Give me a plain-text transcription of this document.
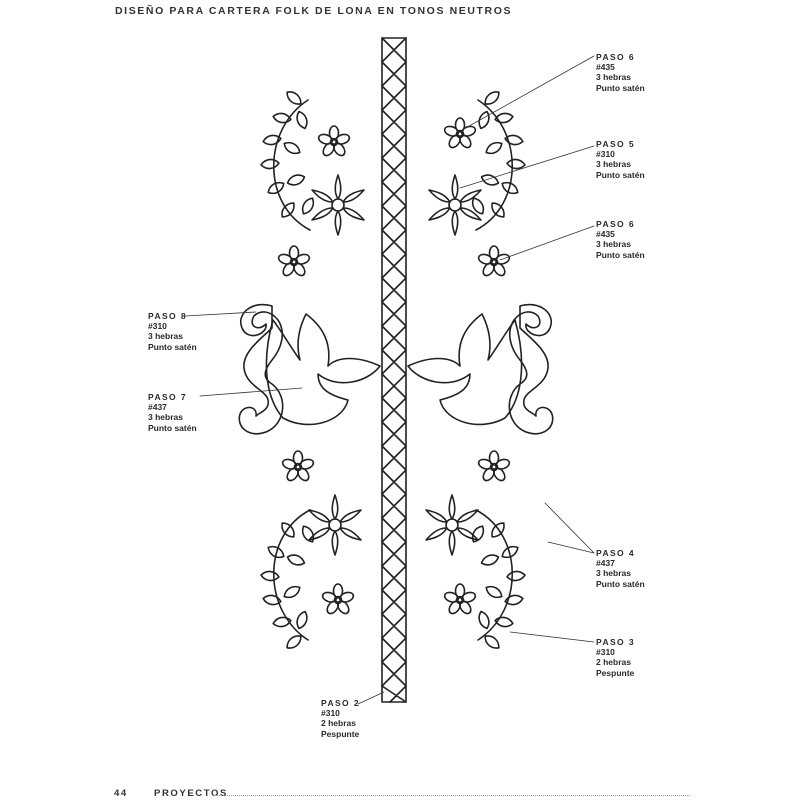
DISEÑO PARA CARTERA FOLK DE LONA EN TONOS NEUTROS
PASO 6
#435
3 hebras
Punto satén
PASO 5
#310
3 hebras
Punto satén
PASO 6
#435
3 hebras
Punto satén
PASO 8
#310
3 hebras
Punto satén
PASO 7
#437
3 hebras
Punto satén
PASO 4
#437
3 hebras
Punto satén
PASO 3
#310
2 hebras
Pespunte
PASO 2
#310
2 hebras
Pespunte
44	PROYECTOS
